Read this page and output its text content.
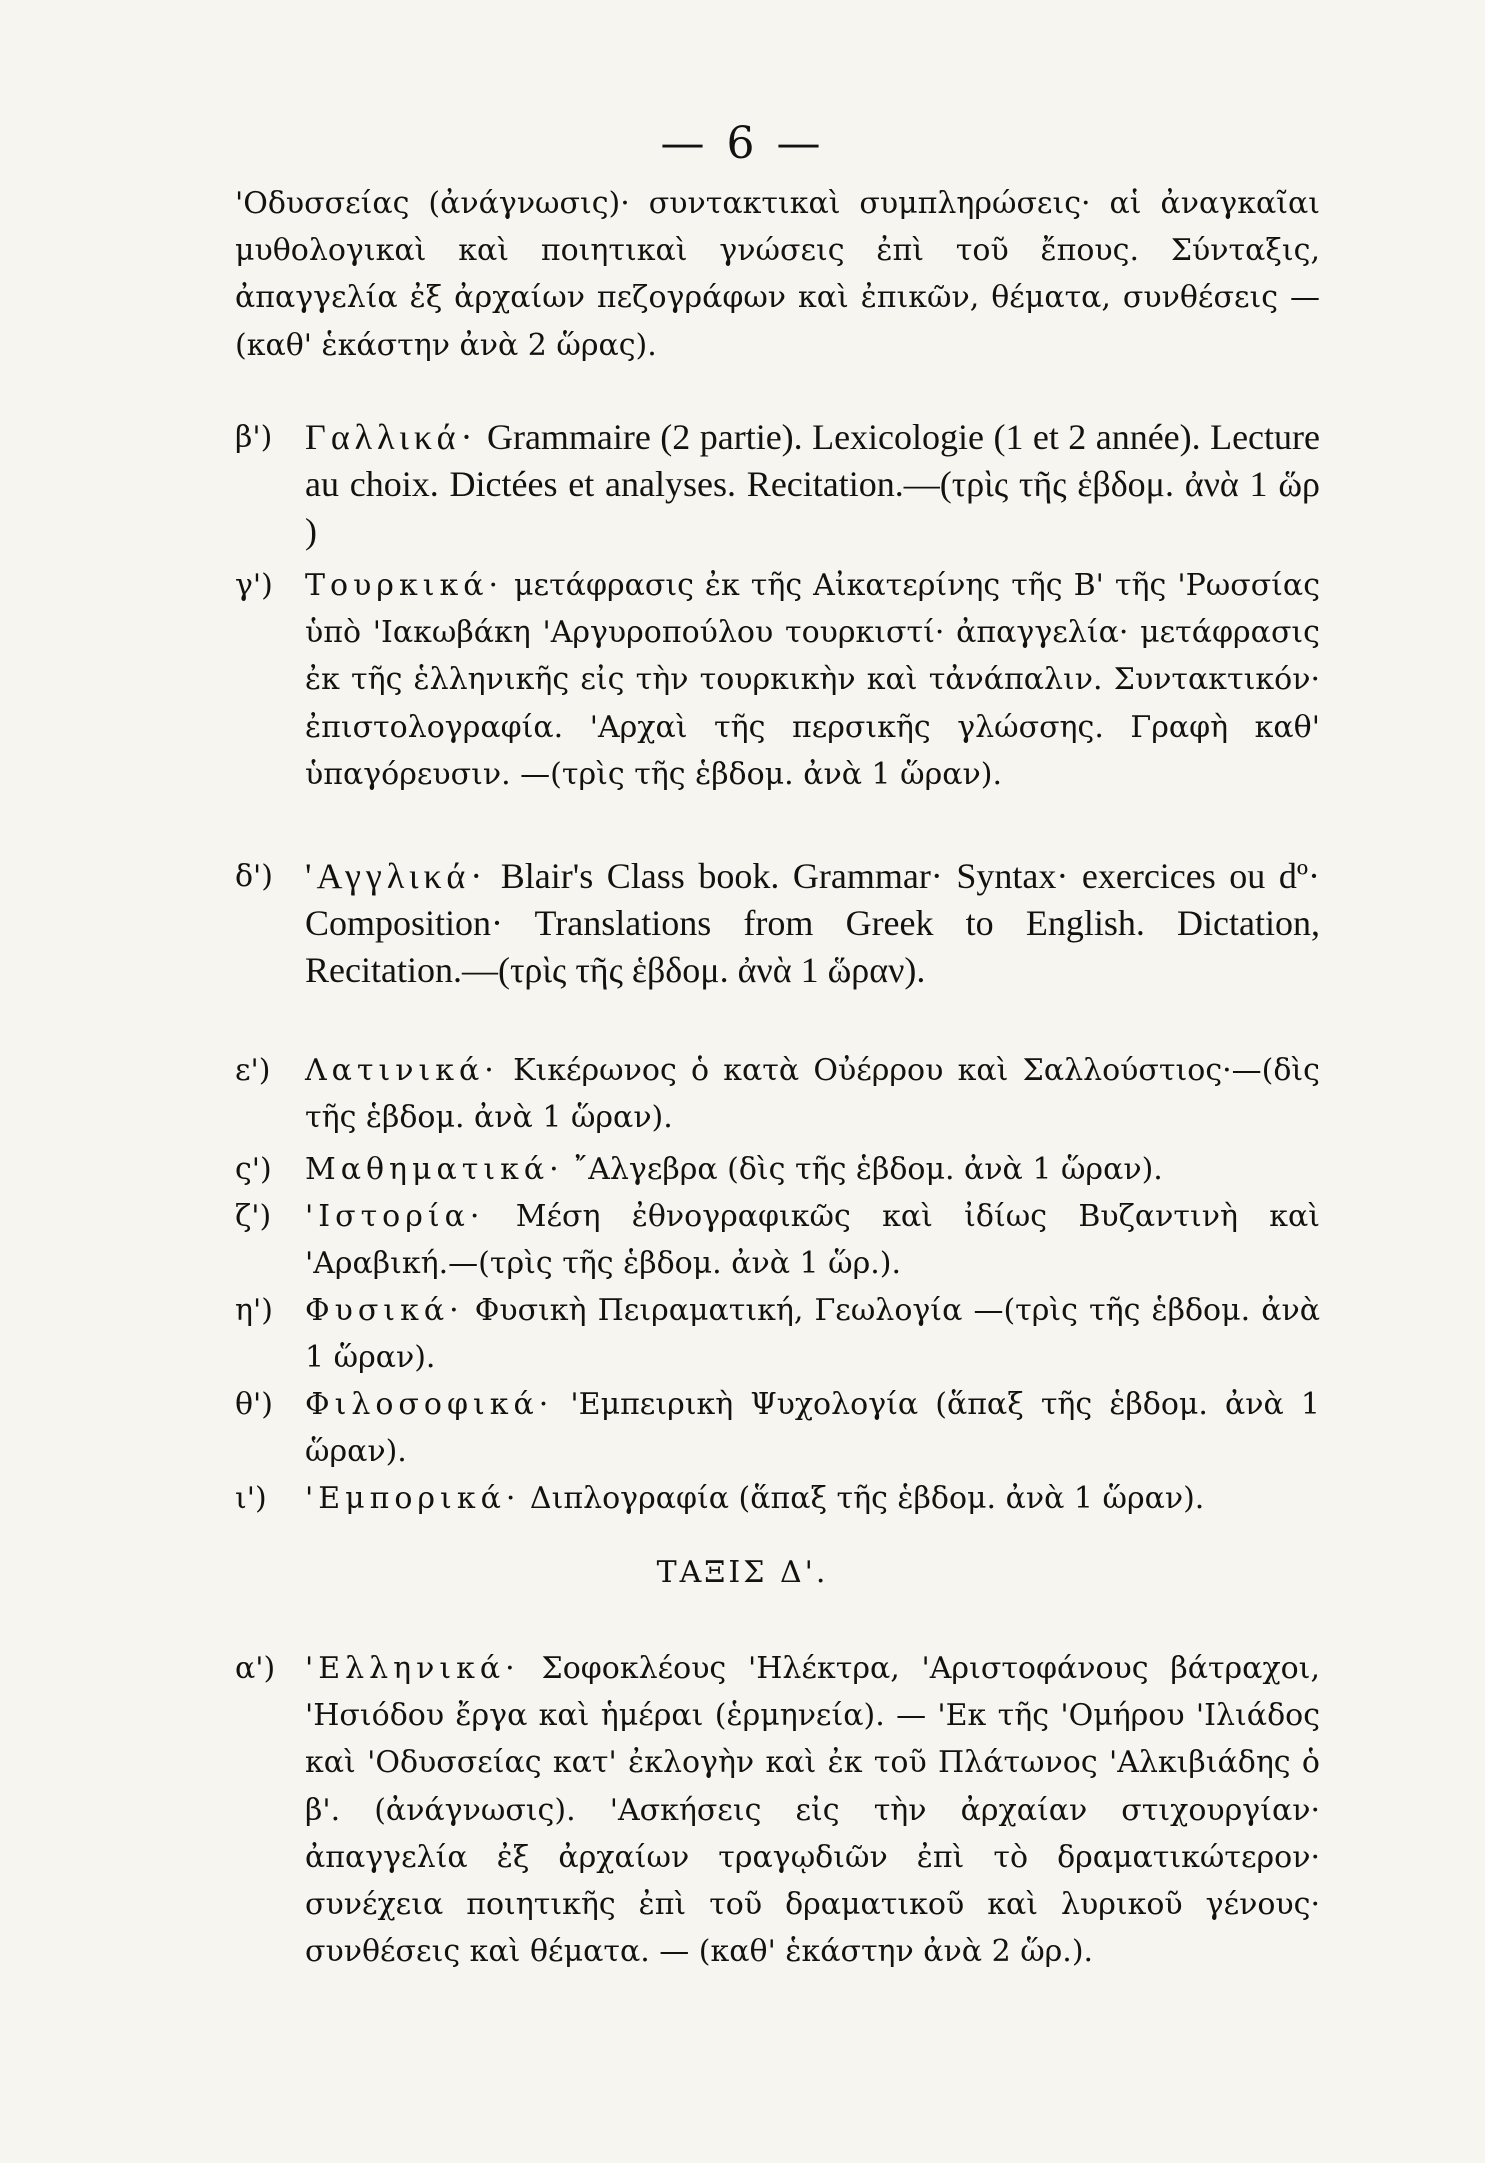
— 6 —

'Οδυσσείας (ἀνάγνωσις)· συντακτικαὶ συμπληρώσεις· αἱ ἀναγκαῖαι μυθολογικαὶ καὶ ποιητικαὶ γνώσεις ἐπὶ τοῦ ἔπους. Σύνταξις, ἀπαγγελία ἐξ ἀρχαίων πεζογράφων καὶ ἐπικῶν, θέματα, συνθέσεις —(καθ' ἑκάστην ἀνὰ 2 ὥρας).

β') Γαλλικά· Grammaire (2 partie). Lexicologie (1 et 2 année). Lecture au choix. Dictées et analyses. Recitation.—(τρὶς τῆς ἑβδομ. ἀνὰ 1 ὥρ )

γ')	Τουρκικά· μετάφρασις ἐκ τῆς Αἰκατερίνης τῆς Β' τῆς 'Ρωσσίας ὑπὸ 'Ιακωβάκη 'Αργυροπούλου τουρκιστί· ἀπαγγελία· μετάφρασις ἐκ τῆς ἑλληνικῆς εἰς τὴν τουρκικὴν καὶ τἀνάπαλιν. Συντακτικόν· ἐπιστολογραφία. 'Αρχαὶ τῆς περσικῆς γλώσσης. Γραφὴ καθ' ὑπαγόρευσιν. —(τρὶς τῆς ἑβδομ. ἀνὰ 1 ὥραν).

δ') 'Αγγλικά· Blair's Class book. Grammar· Syntax· exercices ou dº· Composition· Translations from Greek to English. Dictation, Recitation.—(τρὶς τῆς ἑβδομ. ἀνὰ 1 ὥραν).

ε')	Λατινικά· Κικέρωνος ὁ κατὰ Οὐέρρου καὶ Σαλλούστιος·—(δὶς τῆς ἑβδομ. ἀνὰ 1 ὥραν).

ς')	Μαθηματικά· ῎Αλγεβρα (δὶς τῆς ἑβδομ. ἀνὰ 1 ὥραν).

ζ')	'Ιστορία· Μέση ἐθνογραφικῶς καὶ ἰδίως Βυζαντινὴ καὶ 'Αραβική.—(τρὶς τῆς ἑβδομ. ἀνὰ 1 ὥρ.).

η')	Φυσικά· Φυσικὴ Πειραματική, Γεωλογία —(τρὶς τῆς ἑβδομ. ἀνὰ 1 ὥραν).

θ')	Φιλοσοφικά· 'Εμπειρικὴ Ψυχολογία (ἅπαξ τῆς ἑβδομ. ἀνὰ 1 ὥραν).

ι')	'Εμπορικά· Διπλογραφία (ἅπαξ τῆς ἑβδομ. ἀνὰ 1 ὥραν).

ΤΑΞΙΣ Δ'.
α') 'Ελληνικά· Σοφοκλέους 'Ηλέκτρα, 'Αριστοφάνους βάτραχοι, 'Ησιόδου ἔργα καὶ ἡμέραι (ἑρμηνεία). — 'Εκ τῆς 'Ομήρου 'Ιλιάδος καὶ 'Οδυσσείας κατ' ἐκλογὴν καὶ ἐκ τοῦ Πλάτωνος 'Αλκιβιάδης ὁ β'. (ἀνάγνωσις). 'Ασκήσεις εἰς τὴν ἀρχαίαν στιχουργίαν· ἀπαγγελία ἐξ ἀρχαίων τραγῳδιῶν ἐπὶ τὸ δραματικώτερον· συνέχεια ποιητικῆς ἐπὶ τοῦ δραματικοῦ καὶ λυρικοῦ γένους· συνθέσεις καὶ θέματα. — (καθ' ἑκάστην ἀνὰ 2 ὥρ.).
